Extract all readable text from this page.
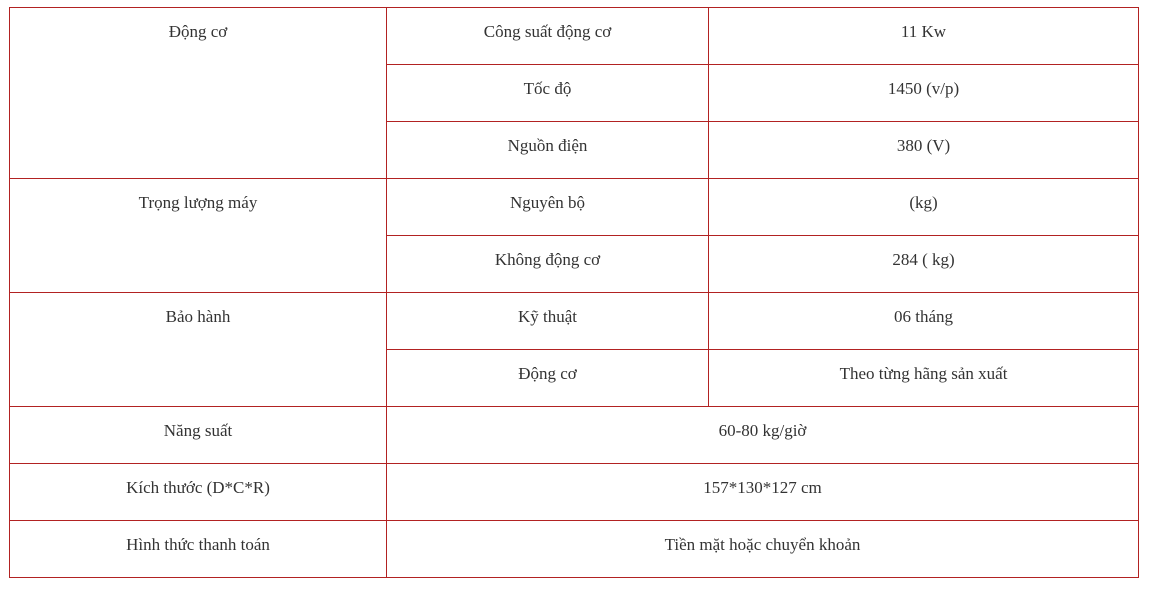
Động cơ	Công suất động cơ	11 Kw
	Tốc độ	1450 (v/p)
	Nguồn điện	380 (V)
Trọng lượng máy	Nguyên bộ	(kg)
	Không động cơ	284 ( kg)
Bảo hành	Kỹ thuật	06 tháng
	Động cơ	Theo từng hãng sản xuất
Năng suất	60-80 kg/giờ	
Kích thước (D*C*R)	157*130*127 cm	
Hình thức thanh toán	Tiền mặt hoặc chuyển khoản	
